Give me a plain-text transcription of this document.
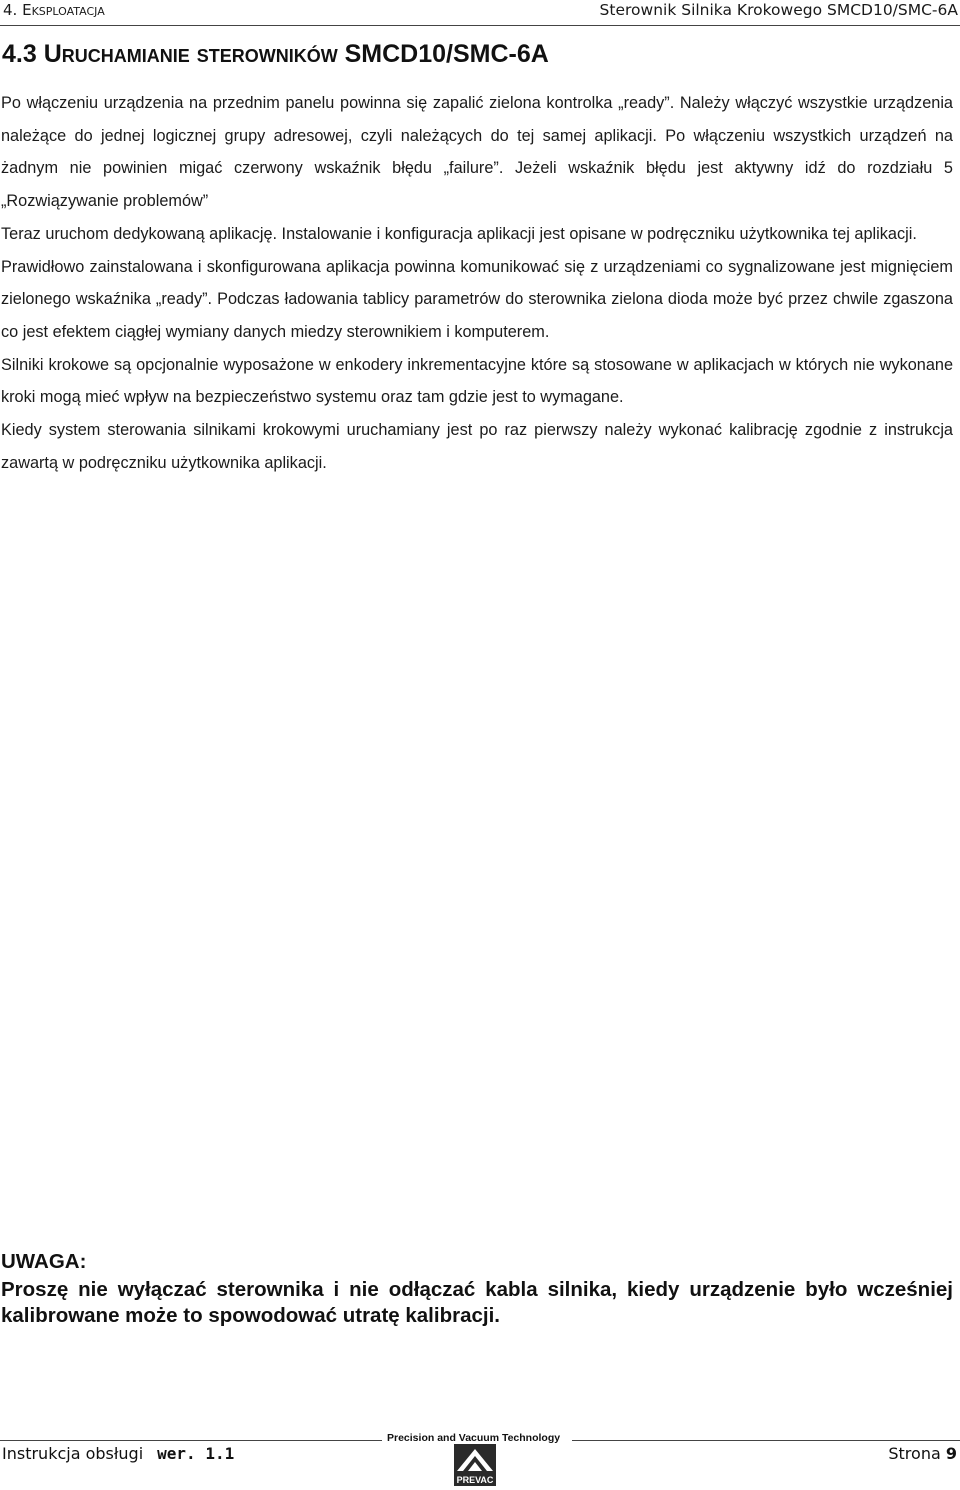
4. Eksploatacja	Sterownik Silnika Krokowego SMCD10/SMC-6A
4.3 Uruchamianie sterowników SMCD10/SMC-6A

Po włączeniu urządzenia na przednim panelu powinna się zapalić zielona kontrolka „ready”. Należy włączyć wszystkie urządzenia należące do jednej logicznej grupy adresowej, czyli należących do tej samej aplikacji. Po włączeniu wszystkich urządzeń na żadnym nie powinien migać czerwony wskaźnik błędu „failure”. Jeżeli wskaźnik błędu jest aktywny idź do rozdziału 5 „Rozwiązywanie problemów”

Teraz uruchom dedykowaną aplikację. Instalowanie i konfiguracja aplikacji jest opisane w podręczniku użytkownika tej aplikacji.

Prawidłowo zainstalowana i skonfigurowana aplikacja powinna komunikować się z urządzeniami co sygnalizowane jest mignięciem zielonego wskaźnika „ready”. Podczas ładowania tablicy parametrów do sterownika zielona dioda może być przez chwile zgaszona co jest efektem ciągłej wymiany danych miedzy sterownikiem i komputerem.

Silniki krokowe są opcjonalnie wyposażone w enkodery inkrementacyjne które są stosowane w aplikacjach w których nie wykonane kroki mogą mieć wpływ na bezpieczeństwo systemu oraz tam gdzie jest to wymagane.

Kiedy system sterowania silnikami krokowymi uruchamiany jest po raz pierwszy należy wykonać kalibrację zgodnie z instrukcja zawartą w podręczniku użytkownika aplikacji.

UWAGA:

Proszę nie wyłączać sterownika i nie odłączać kabla silnika, kiedy urządzenie było wcześniej kalibrowane może to spowodować utratę kalibracji.

Precision and Vacuum Technology
Instrukcja obsługi wer. 1.1
PREVAC
Strona 9
